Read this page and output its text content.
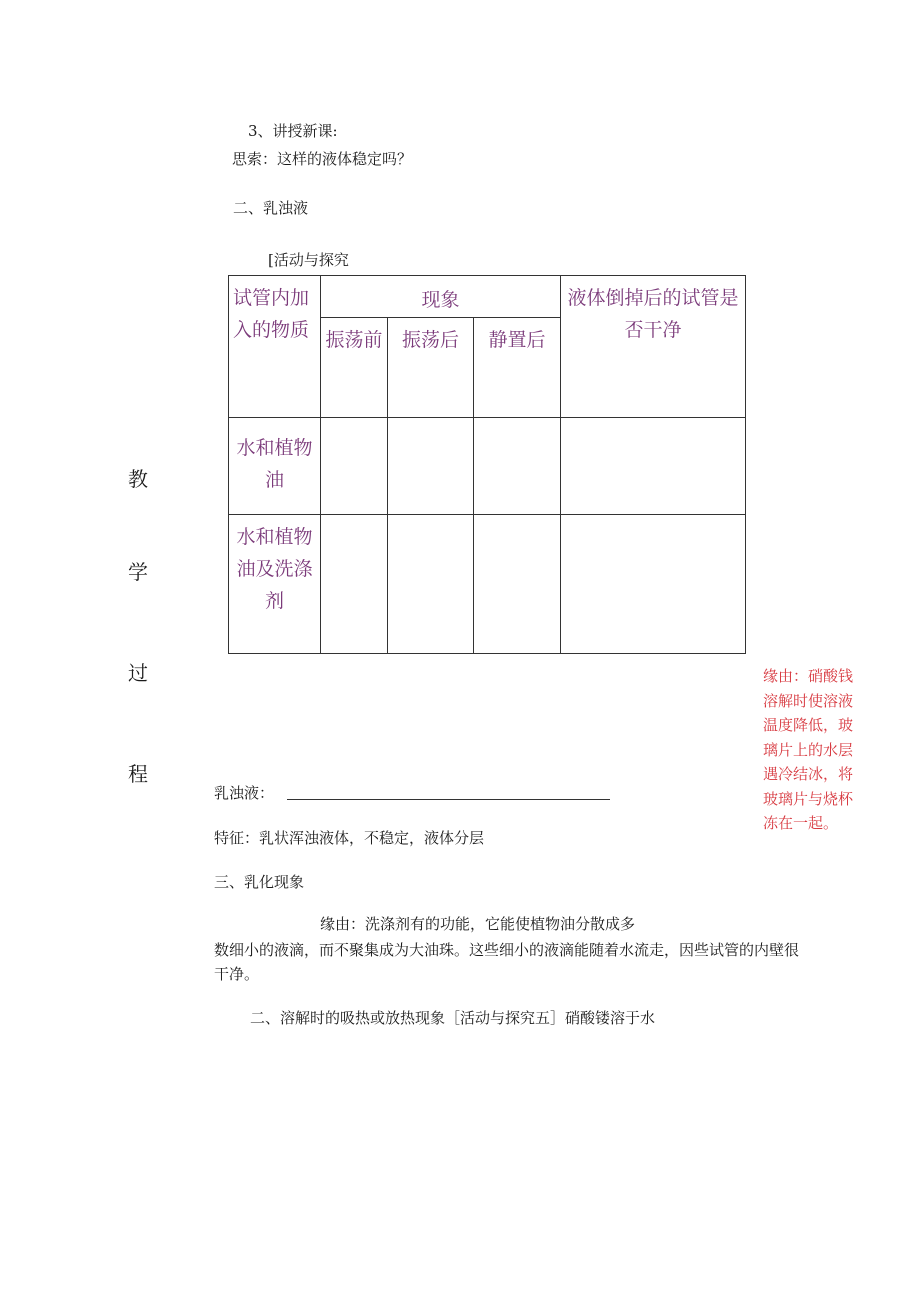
3、讲授新课:
思索：这样的液体稳定吗？
二、乳浊液
[活动与探究
教
学
过
程
试管内加入的物质	现象			液体倒掉后的试管是否干净

	振荡前	振荡后	静置后	

水和植物油				

水和植物油及洗涤剂				

缘由：硝酸钱
溶解时使溶液
温度降低，玻
璃片上的水层
遇冷结冰，将
玻璃片与烧杯
冻在一起。
乳浊液：
特征：乳状浑浊液体，不稳定，液体分层
三、乳化现象
缘由：洗涤剂有的功能，它能使植物油分散成多
数细小的液滴，而不聚集成为大油珠。这些细小的液滴能随着水流走，因些试管的内壁很
干净。
二、溶解时的吸热或放热现象［活动与探究五］硝酸镂溶于水
